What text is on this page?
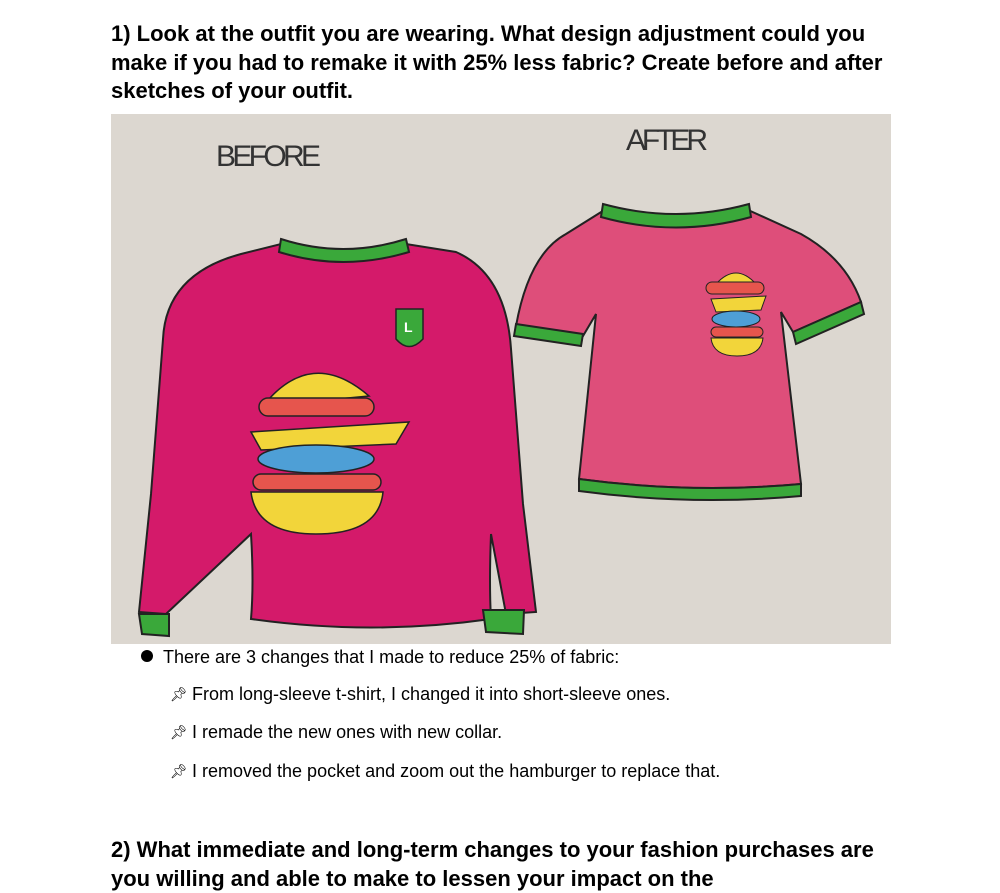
1) Look at the outfit you are wearing. What design adjustment could you make if you had to remake it with 25% less fabric? Create before and after sketches of your outfit.

BEFORE	AFTER
L
There are 3 changes that I made to reduce 25% of fabric:
📌︎ From long-sleeve t-shirt, I changed it into short-sleeve ones.
📌︎ I remade the new ones with new collar.
📌︎ I removed the pocket and zoom out the hamburger to replace that.

2) What immediate and long-term changes to your fashion purchases are you willing and able to make to lessen your impact on the
